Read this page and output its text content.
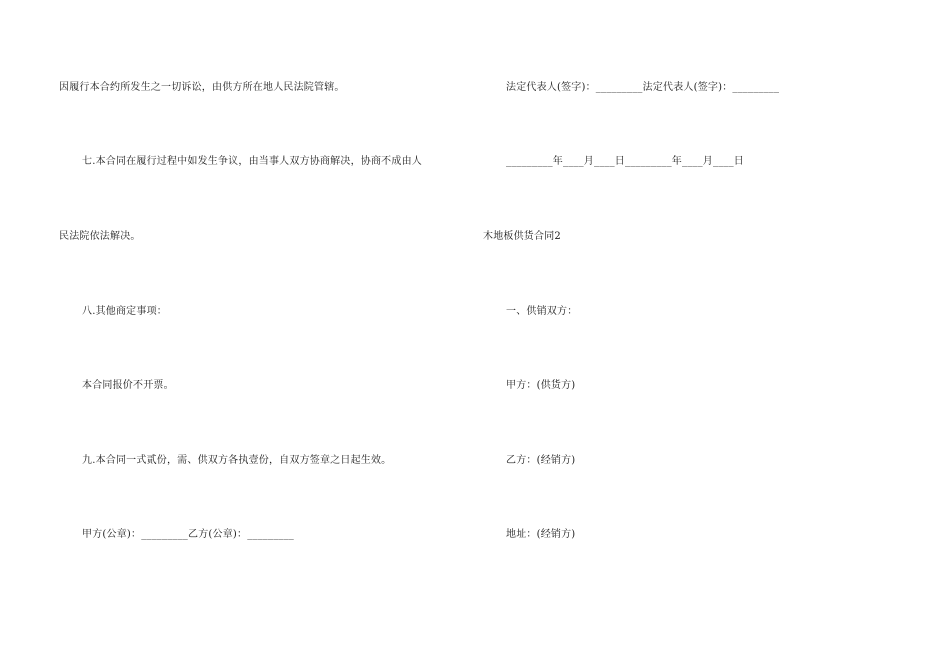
因履行本合约所发生之一切诉讼，由供方所在地人民法院管辖。
七.本合同在履行过程中如发生争议，由当事人双方协商解决，协商不成由人
民法院依法解决。
八.其他商定事项：
本合同报价不开票。
九.本合同一式贰份，需、供双方各执壹份，自双方签章之日起生效。
甲方(公章)：_________乙方(公章)：_________
法定代表人(签字)：_________法定代表人(签字)：_________
_________年____月____日_________年____月____日
木地板供货合同2
一、供销双方：
甲方：(供货方)
乙方：(经销方)
地址：(经销方)
